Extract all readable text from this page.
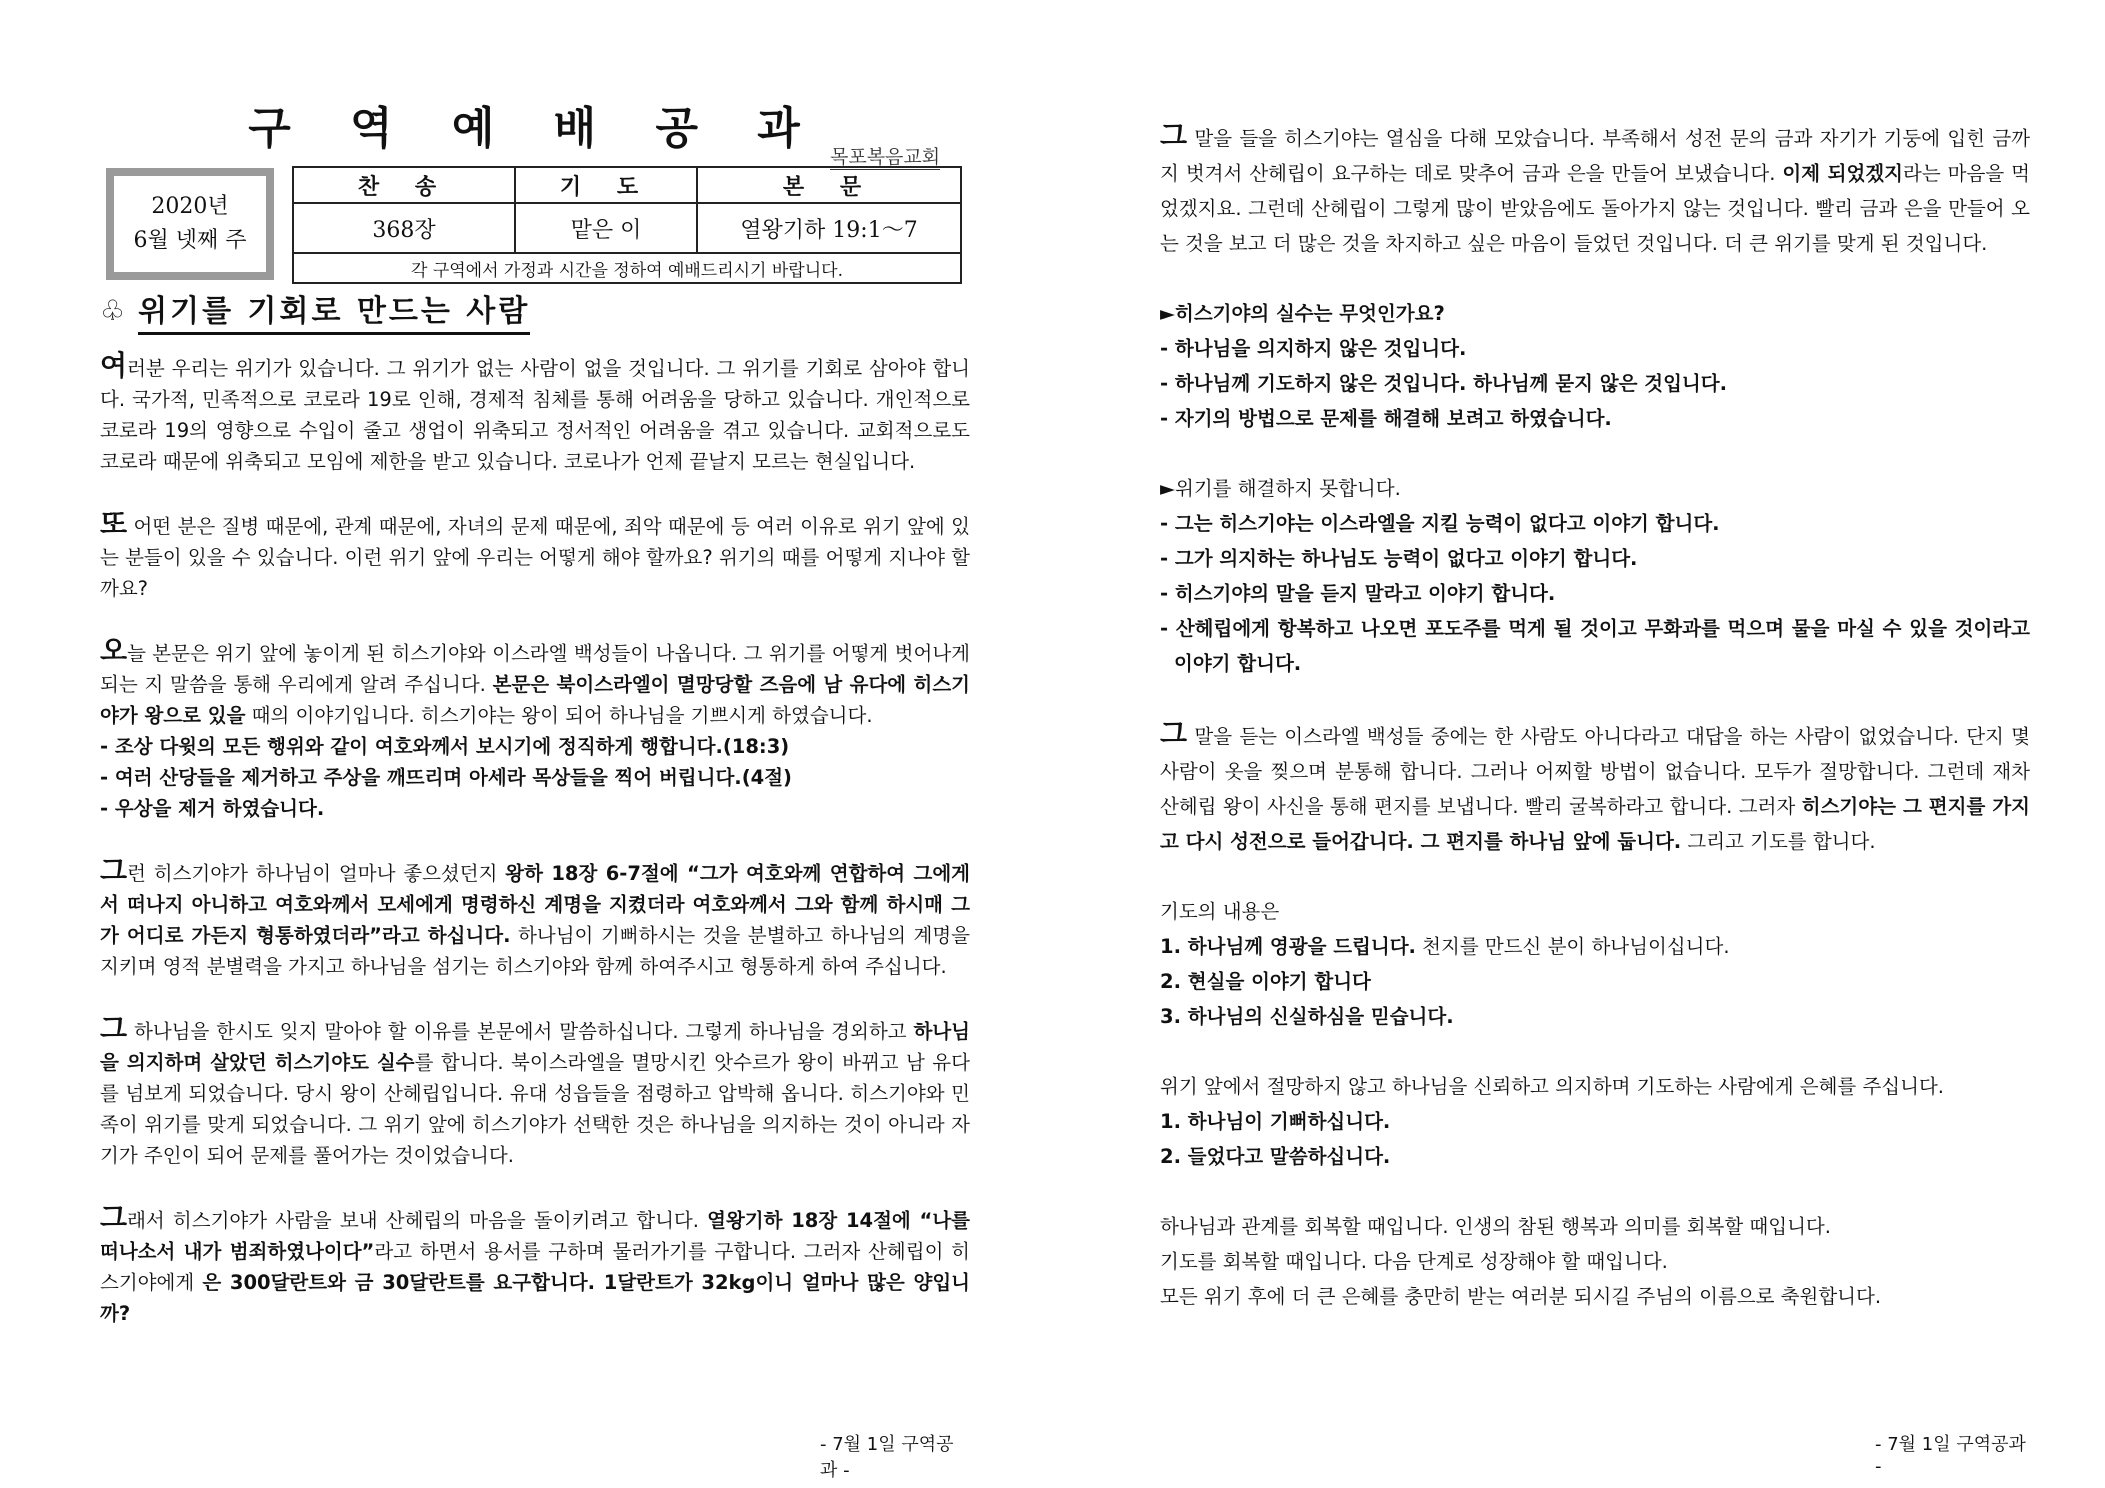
구 역 예 배 공 과
목포복음교회
2020년
6월 넷째 주
찬 송	기 도	본 문
368장	맡은 이	열왕기하 19:1～7
각 구역에서 가정과 시간을 정하여 예배드리시기 바랍니다.		
♧ 위기를 기회로 만드는 사람

여러분 우리는 위기가 있습니다. 그 위기가 없는 사람이 없을 것입니다. 그 위기를 기회로 삼아야 합니다. 국가적, 민족적으로 코로라 19로 인해, 경제적 침체를 통해 어려움을 당하고 있습니다. 개인적으로 코로라 19의 영향으로 수입이 줄고 생업이 위축되고 정서적인 어려움을 겪고 있습니다. 교회적으로도 코로라 때문에 위축되고 모임에 제한을 받고 있습니다. 코로나가 언제 끝날지 모르는 현실입니다.

또 어떤 분은 질병 때문에, 관계 때문에, 자녀의 문제 때문에, 죄악 때문에 등 여러 이유로 위기 앞에 있는 분들이 있을 수 있습니다. 이런 위기 앞에 우리는 어떻게 해야 할까요? 위기의 때를 어떻게 지나야 할까요?

오늘 본문은 위기 앞에 놓이게 된 히스기야와 이스라엘 백성들이 나옵니다. 그 위기를 어떻게 벗어나게 되는 지 말씀을 통해 우리에게 알려 주십니다. 본문은 북이스라엘이 멸망당할 즈음에 남 유다에 히스기야가 왕으로 있을 때의 이야기입니다. 히스기야는 왕이 되어 하나님을 기쁘시게 하였습니다.

- 조상 다윗의 모든 행위와 같이 여호와께서 보시기에 정직하게 행합니다.(18:3)

- 여러 산당들을 제거하고 주상을 깨뜨리며 아세라 목상들을 찍어 버립니다.(4절)

- 우상을 제거 하였습니다.

그런 히스기야가 하나님이 얼마나 좋으셨던지 왕하 18장 6-7절에 “그가 여호와께 연합하여 그에게서 떠나지 아니하고 여호와께서 모세에게 명령하신 계명을 지켰더라 여호와께서 그와 함께 하시매 그가 어디로 가든지 형통하였더라”라고 하십니다. 하나님이 기뻐하시는 것을 분별하고 하나님의 계명을 지키며 영적 분별력을 가지고 하나님을 섬기는 히스기야와 함께 하여주시고 형통하게 하여 주십니다.

그 하나님을 한시도 잊지 말아야 할 이유를 본문에서 말씀하십니다. 그렇게 하나님을 경외하고 하나님을 의지하며 살았던 히스기야도 실수를 합니다. 북이스라엘을 멸망시킨 앗수르가 왕이 바뀌고 남 유다를 넘보게 되었습니다. 당시 왕이 산헤립입니다. 유대 성읍들을 점령하고 압박해 옵니다. 히스기야와 민족이 위기를 맞게 되었습니다. 그 위기 앞에 히스기야가 선택한 것은 하나님을 의지하는 것이 아니라 자기가 주인이 되어 문제를 풀어가는 것이었습니다.

그래서 히스기야가 사람을 보내 산헤립의 마음을 돌이키려고 합니다. 열왕기하 18장 14절에 “나를 떠나소서 내가 범죄하였나이다”라고 하면서 용서를 구하며 물러가기를 구합니다. 그러자 산헤립이 히스기야에게 은 300달란트와 금 30달란트를 요구합니다. 1달란트가 32kg이니 얼마나 많은 양입니까?

- 7월 1일 구역공과 -

그 말을 들을 히스기야는 열심을 다해 모았습니다. 부족해서 성전 문의 금과 자기가 기둥에 입힌 금까지 벗겨서 산헤립이 요구하는 데로 맞추어 금과 은을 만들어 보냈습니다. 이제 되었겠지라는 마음을 먹었겠지요. 그런데 산헤립이 그렇게 많이 받았음에도 돌아가지 않는 것입니다. 빨리 금과 은을 만들어 오는 것을 보고 더 많은 것을 차지하고 싶은 마음이 들었던 것입니다. 더 큰 위기를 맞게 된 것입니다.

►히스기야의 실수는 무엇인가요?

- 하나님을 의지하지 않은 것입니다.

- 하나님께 기도하지 않은 것입니다. 하나님께 묻지 않은 것입니다.

- 자기의 방법으로 문제를 해결해 보려고 하였습니다.

►위기를 해결하지 못합니다.

- 그는 히스기야는 이스라엘을 지킬 능력이 없다고 이야기 합니다.

- 그가 의지하는 하나님도 능력이 없다고 이야기 합니다.

- 히스기야의 말을 듣지 말라고 이야기 합니다.

- 산헤립에게 항복하고 나오면 포도주를 먹게 될 것이고 무화과를 먹으며 물을 마실 수 있을 것이라고 이야기 합니다.

그 말을 듣는 이스라엘 백성들 중에는 한 사람도 아니다라고 대답을 하는 사람이 없었습니다. 단지 몇 사람이 옷을 찢으며 분통해 합니다. 그러나 어찌할 방법이 없습니다. 모두가 절망합니다. 그런데 재차 산헤립 왕이 사신을 통해 편지를 보냅니다. 빨리 굴복하라고 합니다. 그러자 히스기야는 그 편지를 가지고 다시 성전으로 들어갑니다. 그 편지를 하나님 앞에 둡니다. 그리고 기도를 합니다.

기도의 내용은

1. 하나님께 영광을 드립니다. 천지를 만드신 분이 하나님이십니다.

2. 현실을 이야기 합니다

3. 하나님의 신실하심을 믿습니다.

위기 앞에서 절망하지 않고 하나님을 신뢰하고 의지하며 기도하는 사람에게 은혜를 주십니다.

1. 하나님이 기뻐하십니다.

2. 들었다고 말씀하십니다.

하나님과 관계를 회복할 때입니다. 인생의 참된 행복과 의미를 회복할 때입니다.

기도를 회복할 때입니다. 다음 단계로 성장해야 할 때입니다.

모든 위기 후에 더 큰 은혜를 충만히 받는 여러분 되시길 주님의 이름으로 축원합니다.

- 7월 1일 구역공과 -
